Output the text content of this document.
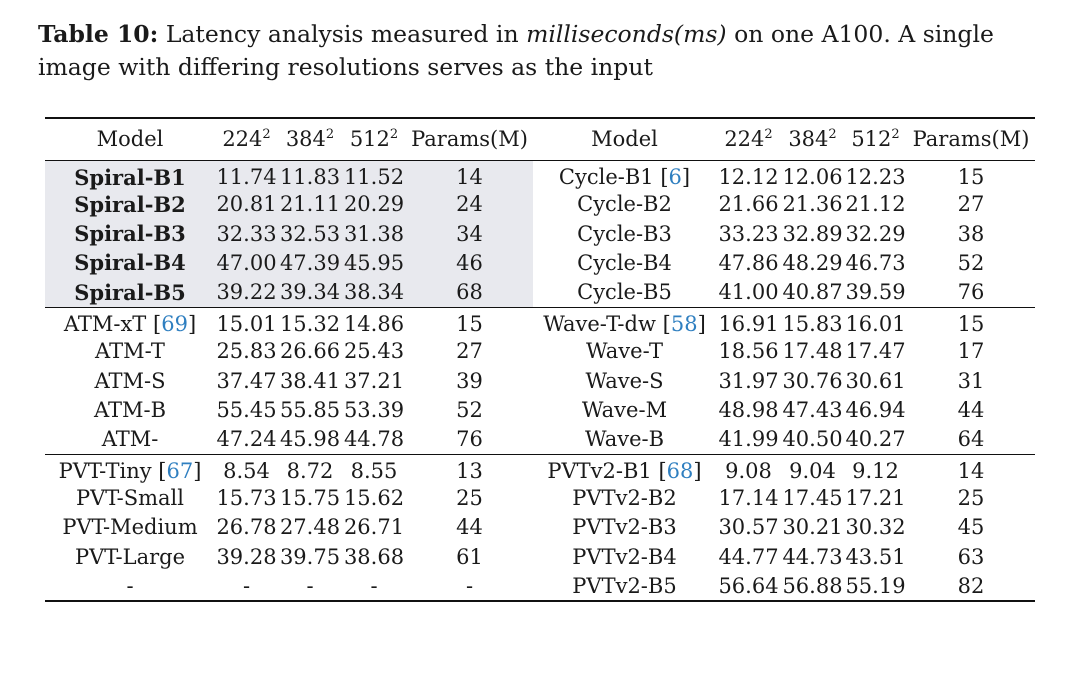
Table 10: Latency analysis measured in milliseconds(ms) on one A100. A single image with differing resolutions serves as the input
Model	$224^2$	$384^2$	$512^2$	Params(M)	Model	$224^2$	$384^2$	$512^2$	Params(M)
Spiral-B1	11.74	11.83	11.52	14	Cycle-B1 [6]	12.12	12.06	12.23	15
Spiral-B2	20.81	21.11	20.29	24	Cycle-B2	21.66	21.36	21.12	27
Spiral-B3	32.33	32.53	31.38	34	Cycle-B3	33.23	32.89	32.29	38
Spiral-B4	47.00	47.39	45.95	46	Cycle-B4	47.86	48.29	46.73	52
Spiral-B5	39.22	39.34	38.34	68	Cycle-B5	41.00	40.87	39.59	76
ATM-xT [69]	15.01	15.32	14.86	15	Wave-T-dw [58]	16.91	15.83	16.01	15
ATM-T	25.83	26.66	25.43	27	Wave-T	18.56	17.48	17.47	17
ATM-S	37.47	38.41	37.21	39	Wave-S	31.97	30.76	30.61	31
ATM-B	55.45	55.85	53.39	52	Wave-M	48.98	47.43	46.94	44
ATM-	47.24	45.98	44.78	76	Wave-B	41.99	40.50	40.27	64
PVT-Tiny [67]	8.54	8.72	8.55	13	PVTv2-B1 [68]	9.08	9.04	9.12	14
PVT-Small	15.73	15.75	15.62	25	PVTv2-B2	17.14	17.45	17.21	25
PVT-Medium	26.78	27.48	26.71	44	PVTv2-B3	30.57	30.21	30.32	45
PVT-Large	39.28	39.75	38.68	61	PVTv2-B4	44.77	44.73	43.51	63
-	-	-	-	-	PVTv2-B5	56.64	56.88	55.19	82
